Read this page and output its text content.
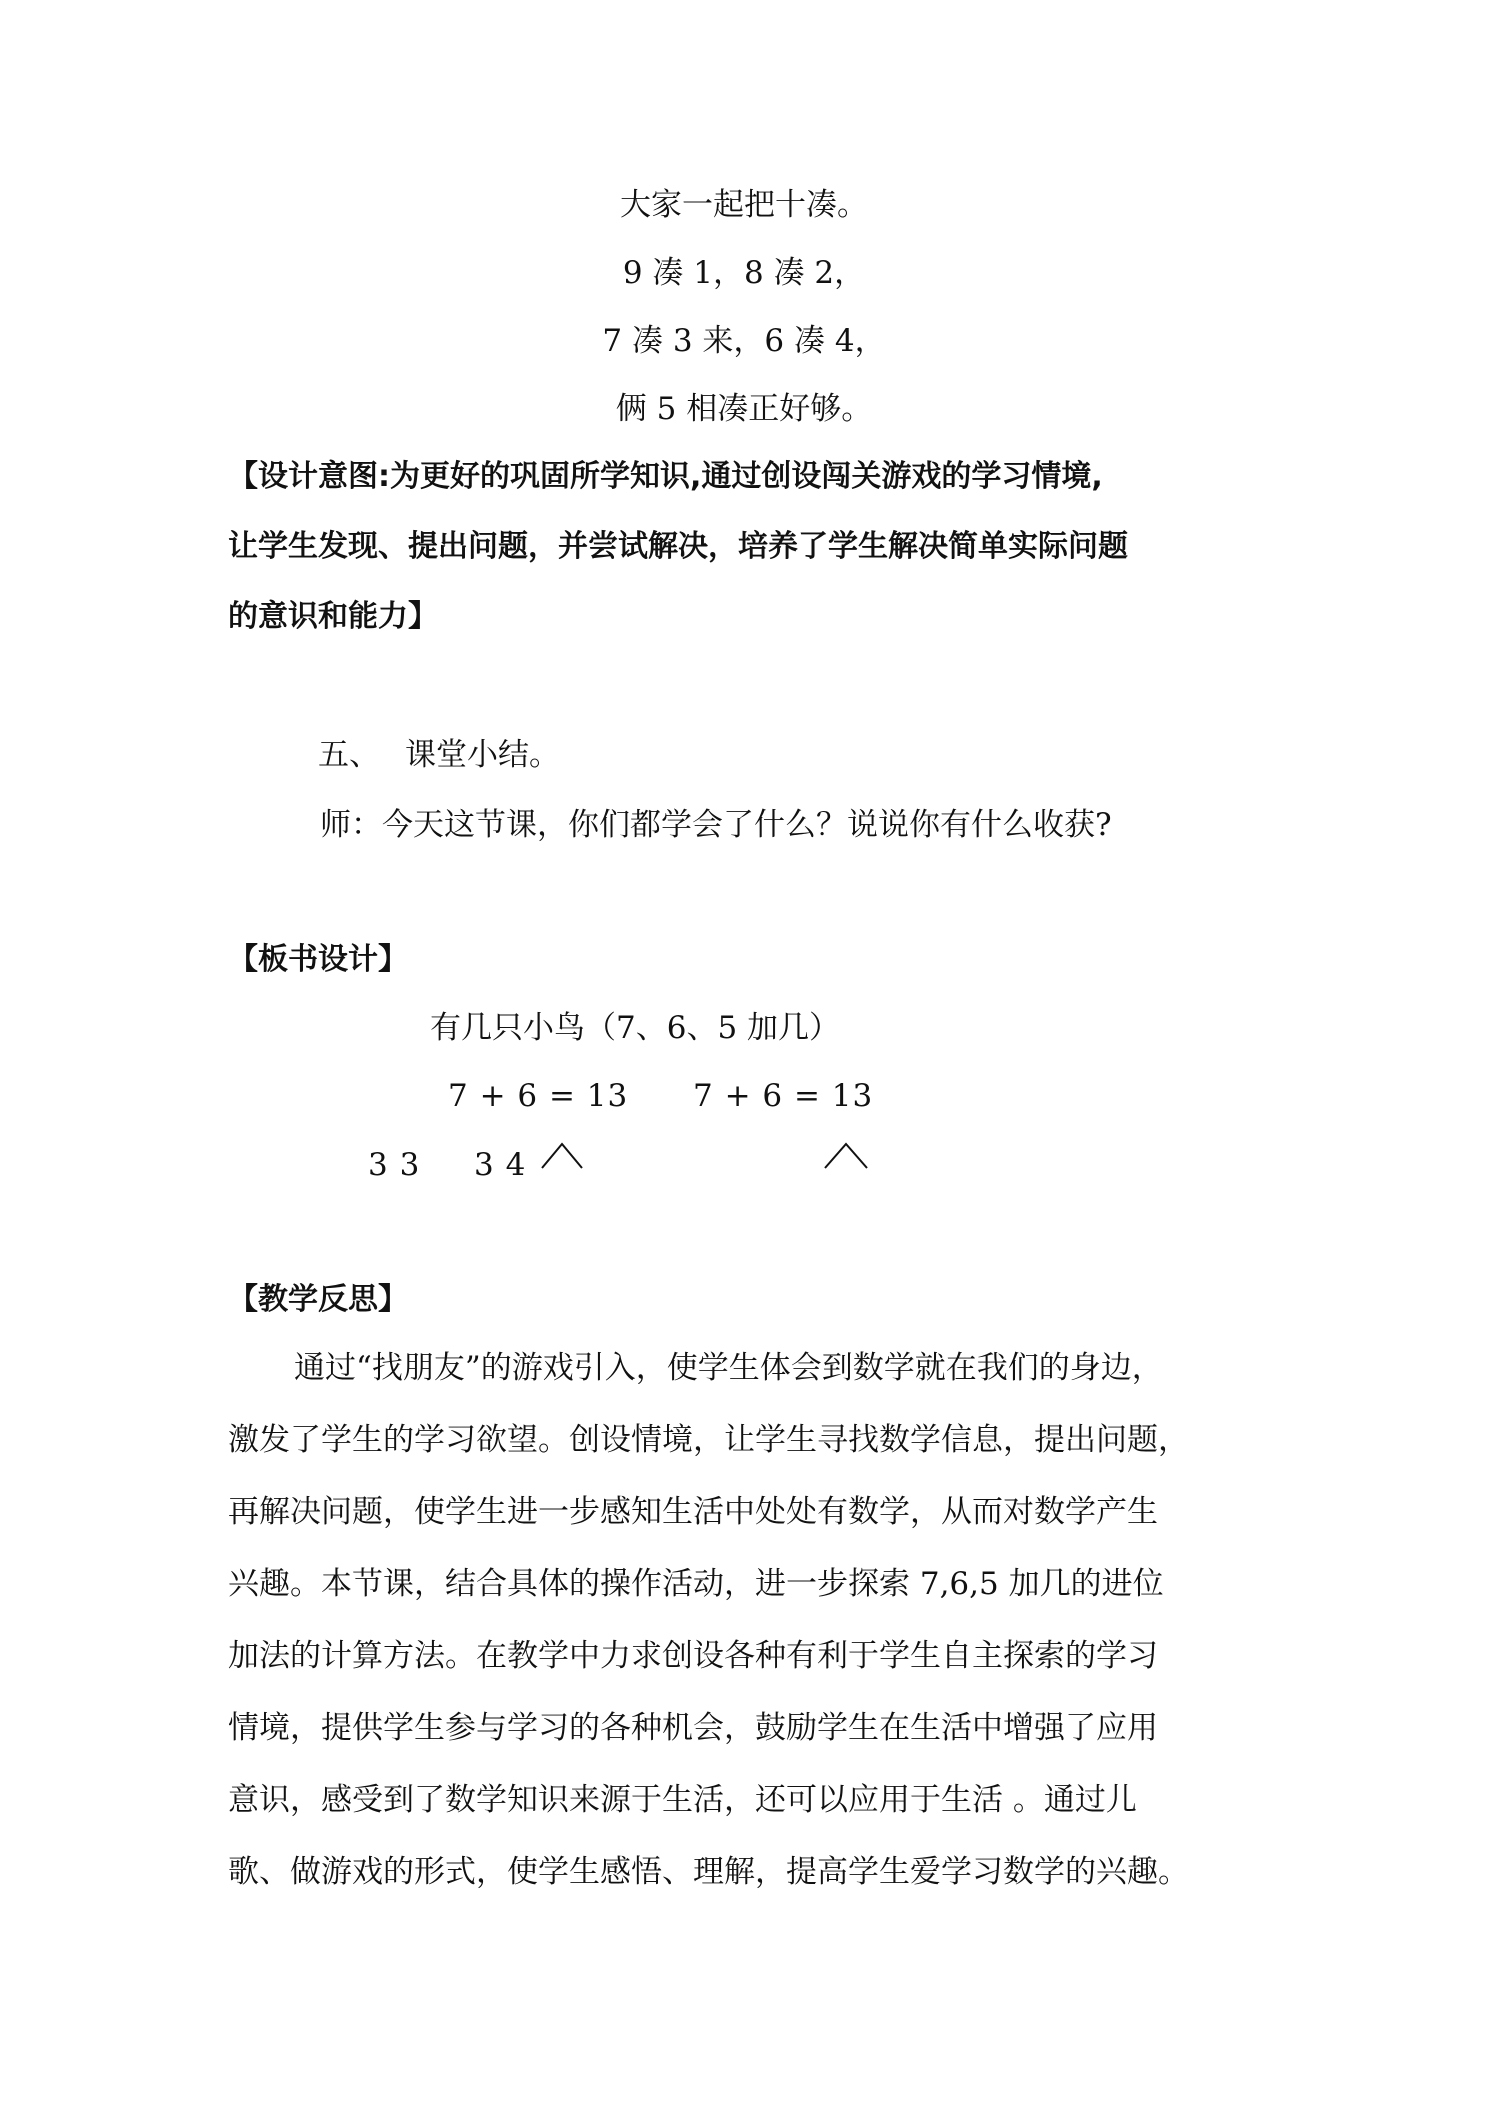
大家一起把十凑。
9 凑 1，8 凑 2，
7 凑 3 来，6 凑 4，
俩 5 相凑正好够。
【设计意图:为更好的巩固所学知识,通过创设闯关游戏的学习情境,
让学生发现、提出问题，并尝试解决，培养了学生解决简单实际问题
的意识和能力】
五、 课堂小结。
师：今天这节课，你们都学会了什么？说说你有什么收获?
【板书设计】
有几只小鸟（7、6、5 加几）
7 + 6 = 13 7 + 6 = 13
3 3 3 4
【教学反思】

通过“找朋友”的游戏引入，使学生体会到数学就在我们的身边，

激发了学生的学习欲望。创设情境，让学生寻找数学信息，提出问题，

再解决问题，使学生进一步感知生活中处处有数学，从而对数学产生

兴趣。本节课，结合具体的操作活动，进一步探索 7,6,5 加几的进位

加法的计算方法。在教学中力求创设各种有利于学生自主探索的学习

情境，提供学生参与学习的各种机会，鼓励学生在生活中增强了应用

意识，感受到了数学知识来源于生活，还可以应用于生活 。通过儿

歌、做游戏的形式，使学生感悟、理解，提高学生爱学习数学的兴趣。
